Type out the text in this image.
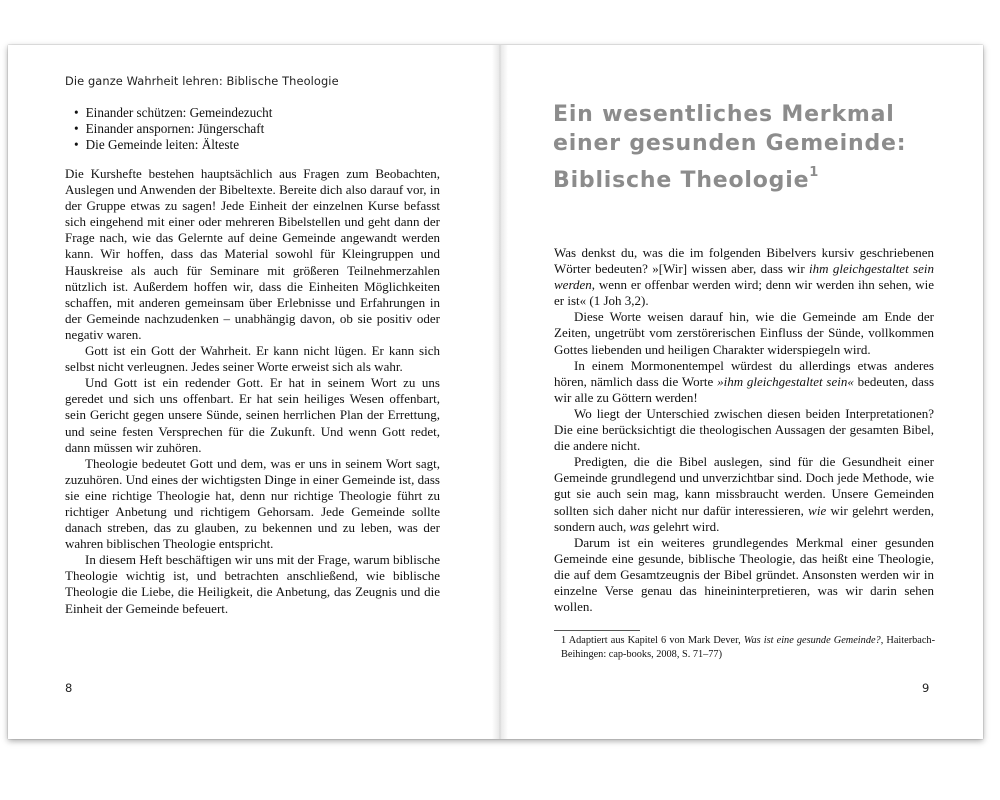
Die ganze Wahrheit lehren: Biblische Theologie
• Einander schützen: Gemeindezucht
• Einander anspornen: Jüngerschaft
• Die Gemeinde leiten: Älteste

Die Kurshefte bestehen hauptsächlich aus Fragen zum Beobachten, Auslegen und Anwenden der Bibeltexte. Bereite dich also darauf vor, in der Gruppe etwas zu sagen! Jede Einheit der einzelnen Kurse befasst sich eingehend mit einer oder mehreren Bibelstellen und geht dann der Frage nach, wie das Gelernte auf deine Gemeinde angewandt werden kann. Wir hoffen, dass das Material sowohl für Kleingruppen und Hauskreise als auch für Seminare mit größeren Teilnehmerzahlen nützlich ist. Außerdem hoffen wir, dass die Einheiten Möglichkeiten schaffen, mit anderen gemeinsam über Erlebnisse und Erfahrungen in der Gemeinde nachzudenken – unabhängig davon, ob sie positiv oder negativ waren.

Gott ist ein Gott der Wahrheit. Er kann nicht lügen. Er kann sich selbst nicht verleugnen. Jedes seiner Worte erweist sich als wahr.

Und Gott ist ein redender Gott. Er hat in seinem Wort zu uns geredet und sich uns offenbart. Er hat sein heiliges Wesen offenbart, sein Gericht gegen unsere Sünde, seinen herrlichen Plan der Errettung, und seine festen Versprechen für die Zukunft. Und wenn Gott redet, dann müssen wir zuhören.

Theologie bedeutet Gott und dem, was er uns in seinem Wort sagt, zuzuhören. Und eines der wichtigsten Dinge in einer Gemeinde ist, dass sie eine richtige Theologie hat, denn nur richtige Theologie führt zu richtiger Anbetung und richtigem Gehorsam. Jede Gemeinde sollte danach streben, das zu glauben, zu bekennen und zu leben, was der wahren biblischen Theologie entspricht.

In diesem Heft beschäftigen wir uns mit der Frage, warum biblische Theologie wichtig ist, und betrachten anschließend, wie biblische Theologie die Liebe, die Heiligkeit, die Anbetung, das Zeugnis und die Einheit der Gemeinde befeuert.

8
Ein wesentliches Merkmal
einer gesunden Gemeinde:
Biblische Theologie$^1$

Was denkst du, was die im folgenden Bibelvers kursiv geschriebenen Wörter bedeuten? »[Wir] wissen aber, dass wir ihm gleichgestaltet sein werden, wenn er offenbar werden wird; denn wir werden ihn sehen, wie er ist« (1 Joh 3,2).

Diese Worte weisen darauf hin, wie die Gemeinde am Ende der Zeiten, ungetrübt vom zerstörerischen Einfluss der Sünde, vollkommen Gottes liebenden und heiligen Charakter widerspiegeln wird.

In einem Mormonentempel würdest du allerdings etwas anderes hören, nämlich dass die Worte »ihm gleichgestaltet sein« bedeuten, dass wir alle zu Göttern werden!

Wo liegt der Unterschied zwischen diesen beiden Interpretationen? Die eine berücksichtigt die theologischen Aussagen der gesamten Bibel, die andere nicht.

Predigten, die die Bibel auslegen, sind für die Gesundheit einer Gemeinde grundlegend und unverzichtbar sind. Doch jede Methode, wie gut sie auch sein mag, kann missbraucht werden. Unsere Gemeinden sollten sich daher nicht nur dafür interessieren, wie wir gelehrt werden, sondern auch, was gelehrt wird.

Darum ist ein weiteres grundlegendes Merkmal einer gesunden Gemeinde eine gesunde, biblische Theologie, das heißt eine Theologie, die auf dem Gesamtzeugnis der Bibel gründet. Ansonsten werden wir in einzelne Verse genau das hineininterpretieren, was wir darin sehen wollen.

1 Adaptiert aus Kapitel 6 von Mark Dever, Was ist eine gesunde Gemeinde?, Haiterbach-Beihingen: cap-books, 2008, S. 71–77)
9
